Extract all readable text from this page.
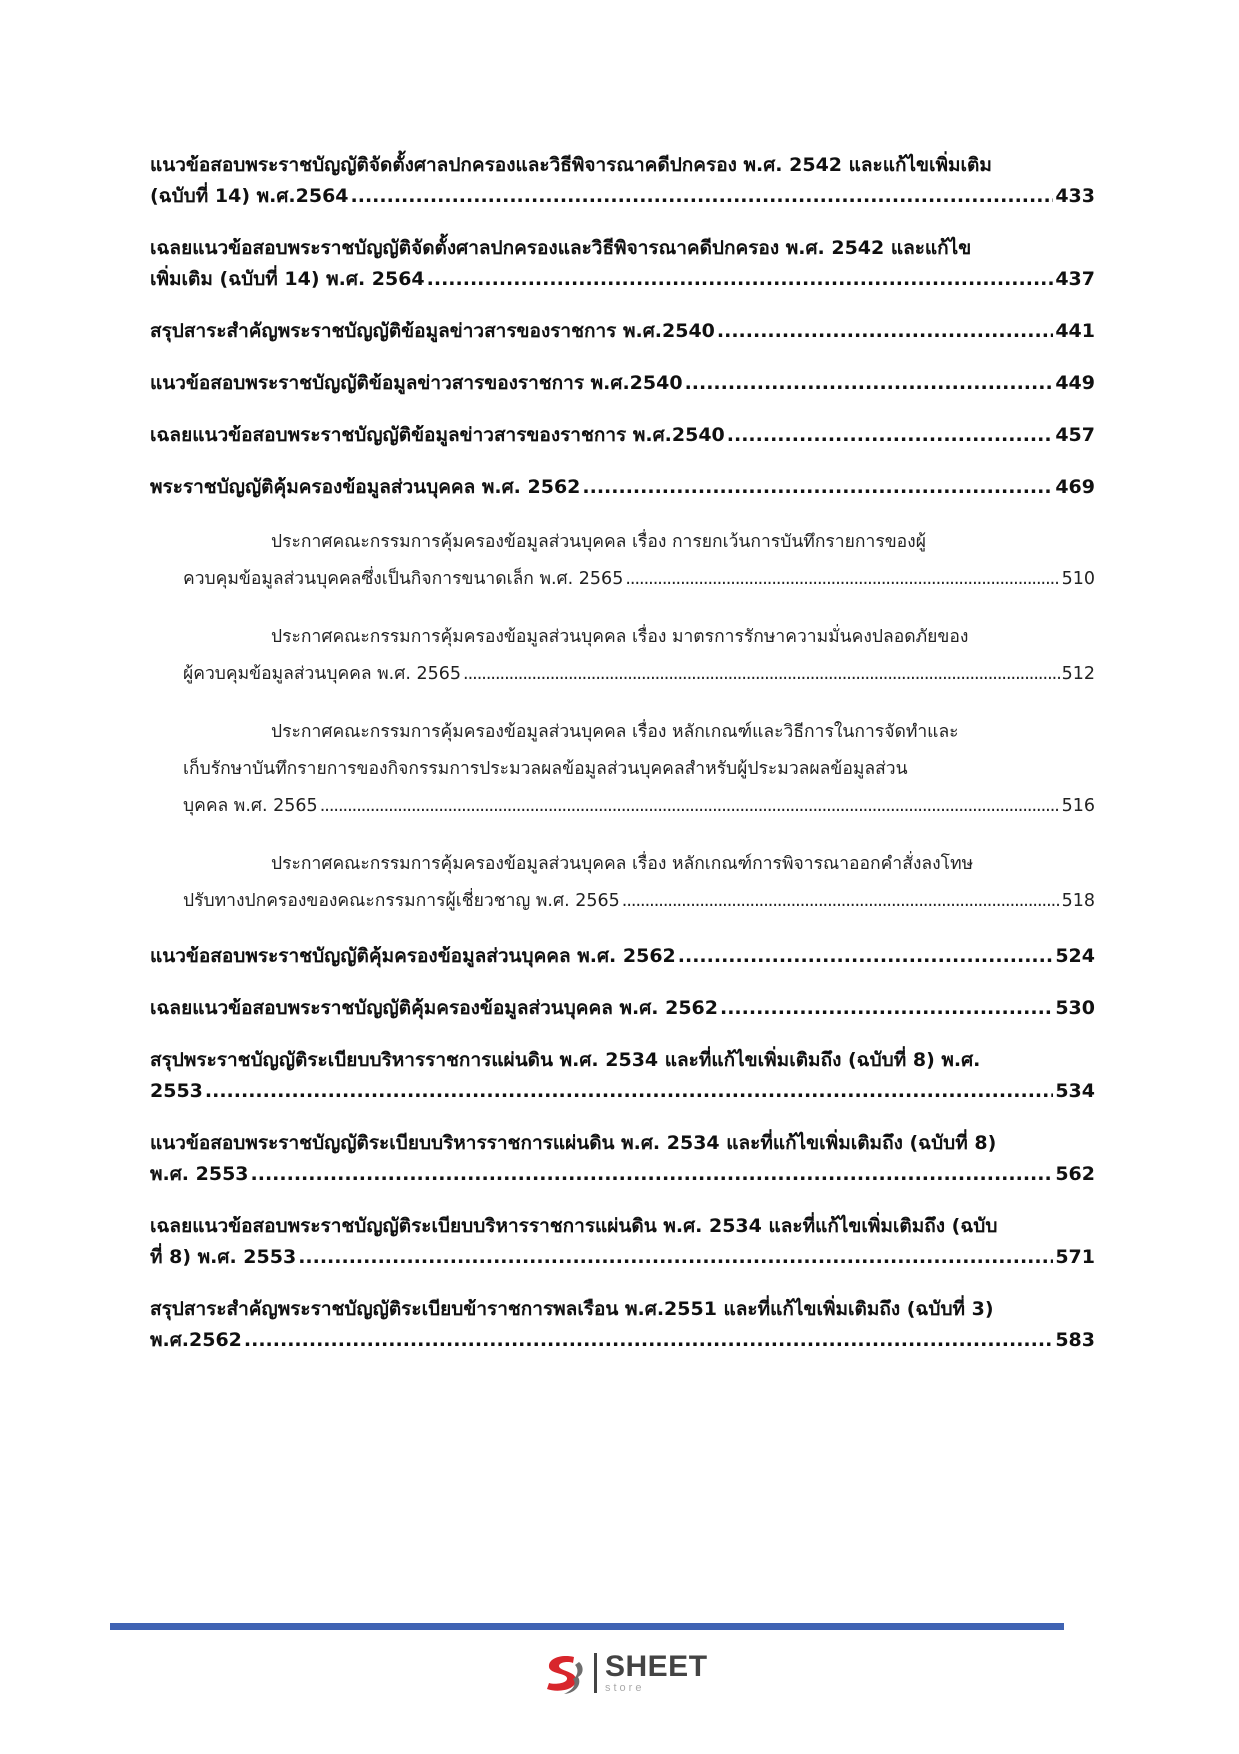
แนวข้อสอบพระราชบัญญัติจัดตั้งศาลปกครองและวิธีพิจารณาคดีปกครอง พ.ศ. 2542 และแก้ไขเพิ่มเติม
(ฉบับที่ 14) พ.ศ.2564 .....	433
เฉลยแนวข้อสอบพระราชบัญญัติจัดตั้งศาลปกครองและวิธีพิจารณาคดีปกครอง พ.ศ. 2542 และแก้ไข
เพิ่มเติม (ฉบับที่ 14) พ.ศ. 2564 .....	437
สรุปสาระสำคัญพระราชบัญญัติข้อมูลข่าวสารของราชการ พ.ศ.2540 .....	441
แนวข้อสอบพระราชบัญญัติข้อมูลข่าวสารของราชการ พ.ศ.2540 .....	449
เฉลยแนวข้อสอบพระราชบัญญัติข้อมูลข่าวสารของราชการ พ.ศ.2540 .....	457
พระราชบัญญัติคุ้มครองข้อมูลส่วนบุคคล พ.ศ. 2562 .....	469
ประกาศคณะกรรมการคุ้มครองข้อมูลส่วนบุคคล เรื่อง การยกเว้นการบันทึกรายการของผู้
ควบคุมข้อมูลส่วนบุคคลซึ่งเป็นกิจการขนาดเล็ก พ.ศ. 2565 .....	510
ประกาศคณะกรรมการคุ้มครองข้อมูลส่วนบุคคล เรื่อง มาตรการรักษาความมั่นคงปลอดภัยของ
ผู้ควบคุมข้อมูลส่วนบุคคล พ.ศ. 2565 .....	512
ประกาศคณะกรรมการคุ้มครองข้อมูลส่วนบุคคล เรื่อง หลักเกณฑ์และวิธีการในการจัดทำและ
เก็บรักษาบันทึกรายการของกิจกรรมการประมวลผลข้อมูลส่วนบุคคลสำหรับผู้ประมวลผลข้อมูลส่วน
บุคคล พ.ศ. 2565 .....	516
ประกาศคณะกรรมการคุ้มครองข้อมูลส่วนบุคคล เรื่อง หลักเกณฑ์การพิจารณาออกคำสั่งลงโทษ
ปรับทางปกครองของคณะกรรมการผู้เชี่ยวชาญ พ.ศ. 2565 .....	518
แนวข้อสอบพระราชบัญญัติคุ้มครองข้อมูลส่วนบุคคล พ.ศ. 2562 .....	524
เฉลยแนวข้อสอบพระราชบัญญัติคุ้มครองข้อมูลส่วนบุคคล พ.ศ. 2562 .....	530
สรุปพระราชบัญญัติระเบียบบริหารราชการแผ่นดิน พ.ศ. 2534 และที่แก้ไขเพิ่มเติมถึง (ฉบับที่ 8) พ.ศ.
2553 .....	534
แนวข้อสอบพระราชบัญญัติระเบียบบริหารราชการแผ่นดิน พ.ศ. 2534 และที่แก้ไขเพิ่มเติมถึง (ฉบับที่ 8)
พ.ศ. 2553 .....	562
เฉลยแนวข้อสอบพระราชบัญญัติระเบียบบริหารราชการแผ่นดิน พ.ศ. 2534 และที่แก้ไขเพิ่มเติมถึง (ฉบับ
ที่ 8) พ.ศ. 2553 .....	571
สรุปสาระสำคัญพระราชบัญญัติระเบียบข้าราชการพลเรือน พ.ศ.2551 และที่แก้ไขเพิ่มเติมถึง (ฉบับที่ 3)
พ.ศ.2562 .....	583
SHEET
store
